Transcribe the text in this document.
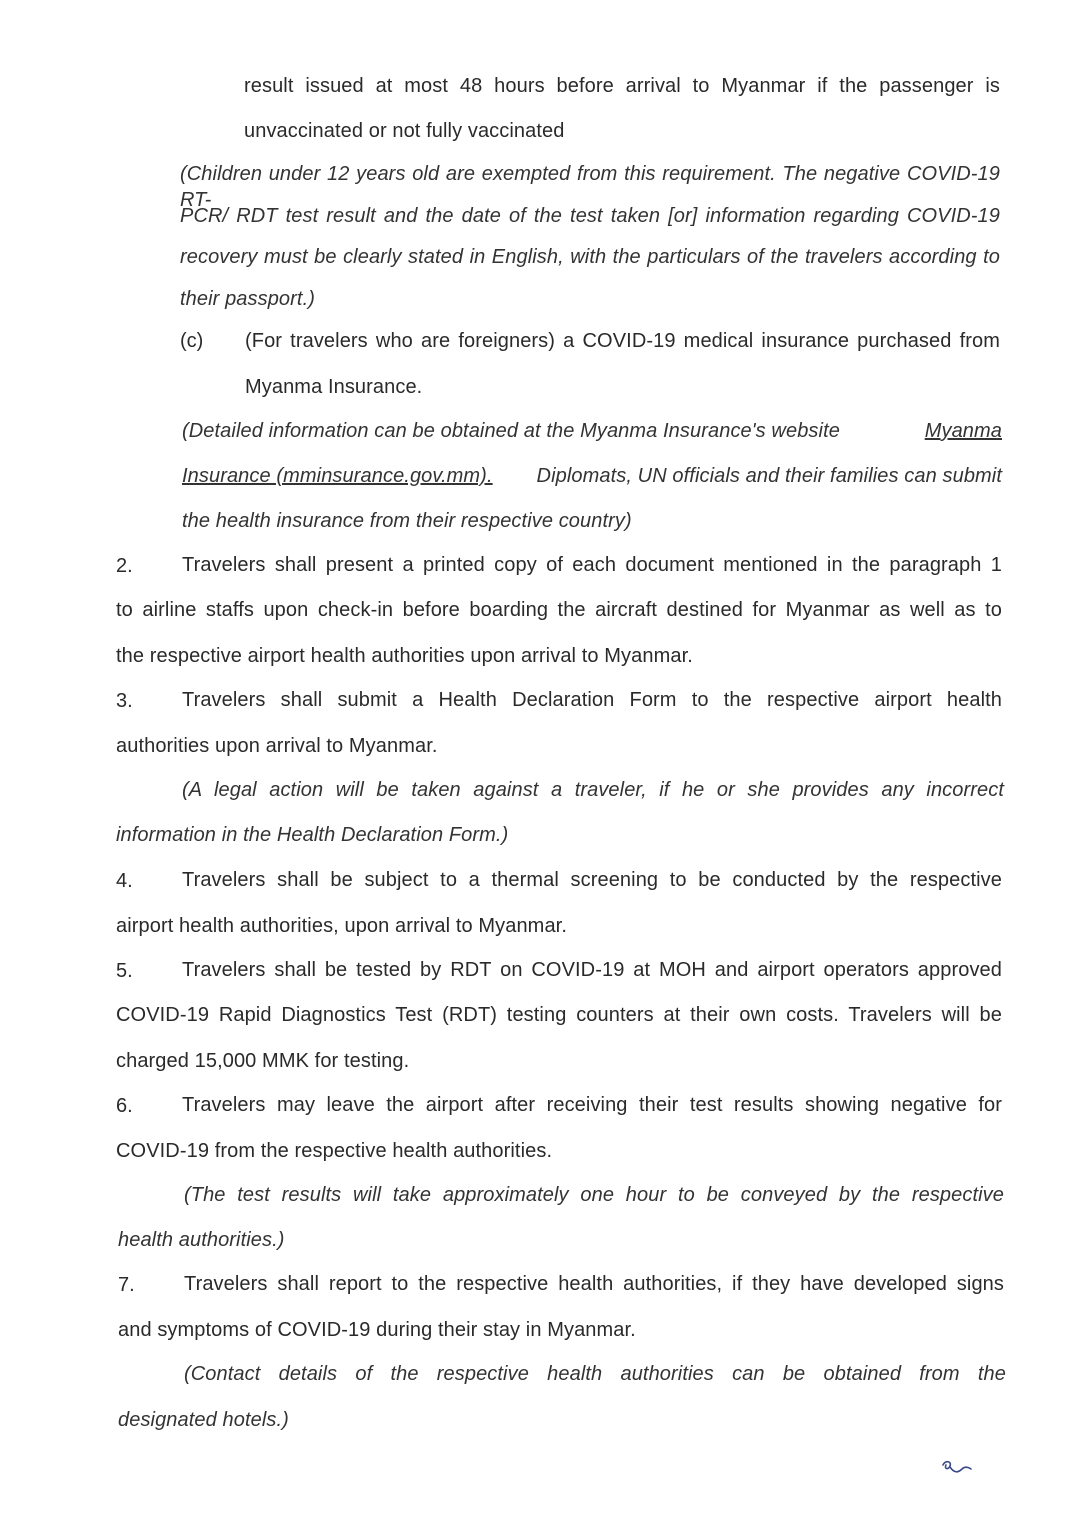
result issued at most 48 hours before arrival to Myanmar if the passenger is
unvaccinated or not fully vaccinated
(Children under 12 years old are exempted from this requirement. The negative COVID-19 RT-
PCR/ RDT test result and the date of the test taken [or] information regarding COVID-19
recovery must be clearly stated in English, with the particulars of the travelers according to
their passport.)
(c) (For travelers who are foreigners) a COVID-19 medical insurance purchased from
Myanma Insurance.
(Detailed information can be obtained at the Myanma Insurance's website	Myanma
Insurance (mminsurance.gov.mm). Diplomats, UN officials and their families can submit
the health insurance from their respective country)
2. Travelers shall present a printed copy of each document mentioned in the paragraph 1
to airline staffs upon check-in before boarding the aircraft destined for Myanmar as well as to
the respective airport health authorities upon arrival to Myanmar.
3. Travelers shall submit a Health Declaration Form to the respective airport health
authorities upon arrival to Myanmar.
(A legal action will be taken against a traveler, if he or she provides any incorrect
information in the Health Declaration Form.)
4. Travelers shall be subject to a thermal screening to be conducted by the respective
airport health authorities, upon arrival to Myanmar.
5. Travelers shall be tested by RDT on COVID-19 at MOH and airport operators approved
COVID-19 Rapid Diagnostics Test (RDT) testing counters at their own costs. Travelers will be
charged 15,000 MMK for testing.
6. Travelers may leave the airport after receiving their test results showing negative for
COVID-19 from the respective health authorities.
(The test results will take approximately one hour to be conveyed by the respective
health authorities.)
7. Travelers shall report to the respective health authorities, if they have developed signs
and symptoms of COVID-19 during their stay in Myanmar.
(Contact details of the respective health authorities can be obtained from the
designated hotels.)
